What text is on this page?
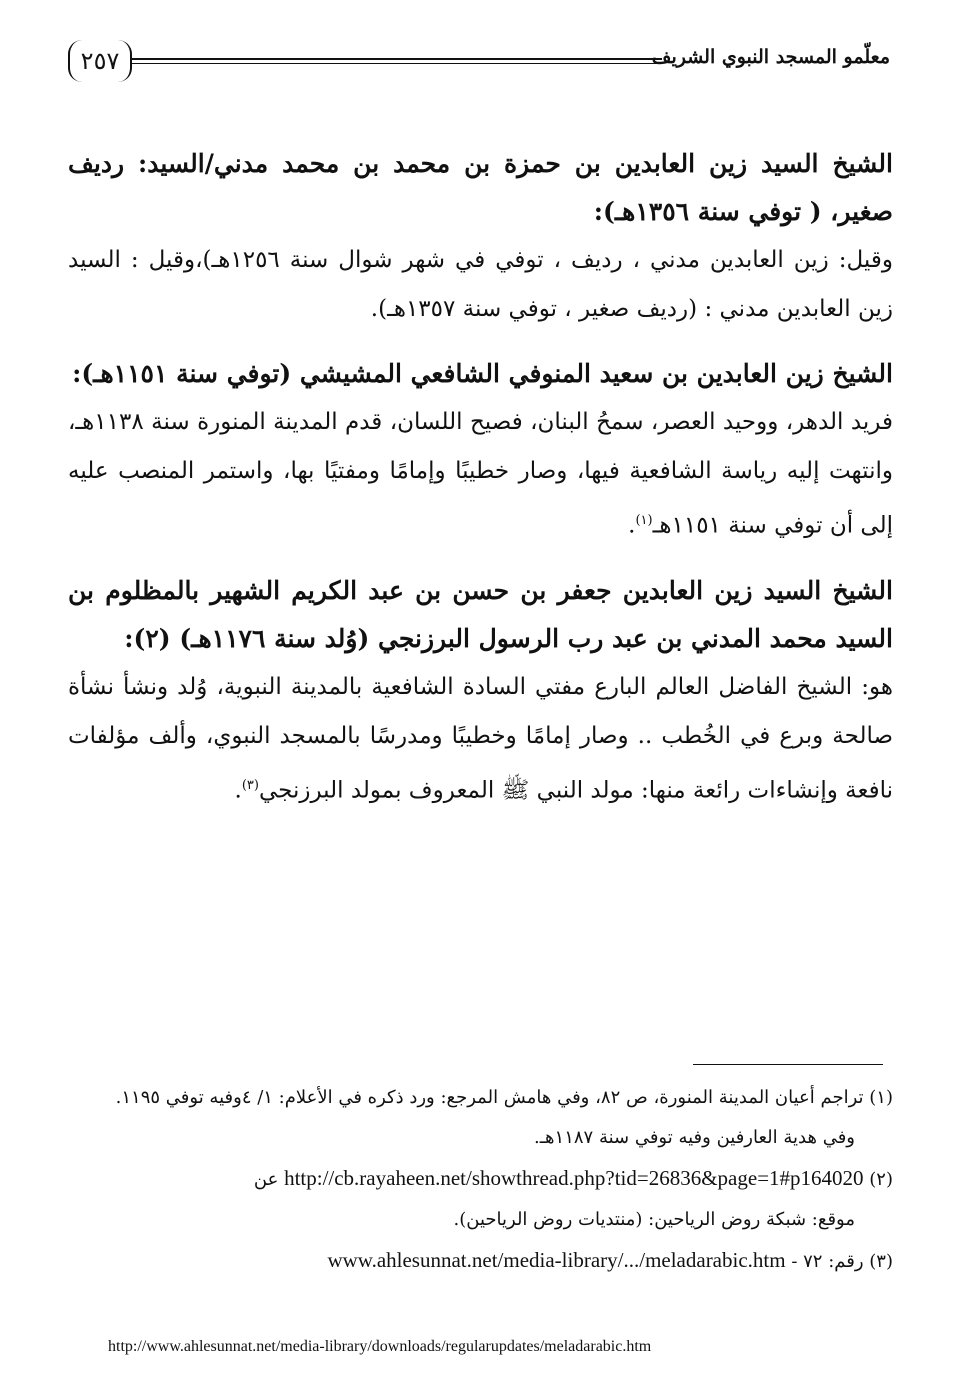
٢٥٧	معلّمو المسجد النبوي الشريف

الشيخ السيد زين العابدين بن حمزة بن محمد بن محمد مدني/السيد: رديف صغير، ( توفي سنة ١٣٥٦هـ):

وقيل: زين العابدين مدني ، رديف ، توفي في شهر شوال سنة ١٢٥٦هـ)،وقيل : السيد زين العابدين مدني : (رديف صغير ، توفي سنة ١٣٥٧هـ).

الشيخ زين العابدين بن سعيد المنوفي الشافعي المشيشي (توفي سنة ١١٥١هـ):

فريد الدهر، ووحيد العصر، سمحُ البنان، فصيح اللسان، قدم المدينة المنورة سنة ١١٣٨هـ، وانتهت إليه رياسة الشافعية فيها، وصار خطيبًا وإمامًا ومفتيًا بها، واستمر المنصب عليه إلى أن توفي سنة ١١٥١هـ$^{(١)}$.

الشيخ السيد زين العابدين جعفر بن حسن بن عبد الكريم الشهير بالمظلوم بن السيد محمد المدني بن عبد رب الرسول البرزنجي (وُلد سنة ١١٧٦هـ) (٢):

هو: الشيخ الفاضل العالم البارع مفتي السادة الشافعية بالمدينة النبوية، وُلد ونشأ نشأة صالحة وبرع في الخُطب .. وصار إمامًا وخطيبًا ومدرسًا بالمسجد النبوي، وألف مؤلفات نافعة وإنشاءات رائعة منها: مولد النبي ﷺ المعروف بمولد البرزنجي$^{(٣)}$.

(١) تراجم أعيان المدينة المنورة، ص ٨٢، وفي هامش المرجع: ورد ذكره في الأعلام: ١/ ٤وفيه توفي ١١٩٥.

وفي هدية العارفين وفيه توفي سنة ١١٨٧هـ.

(٢) http://cb.rayaheen.net/showthread.php?tid=26836&page=1#p164020 عن

موقع: شبكة روض الرياحين: (منتديات روض الرياحين).

(٣) رقم: ٧٢ - www.ahlesunnat.net/media-library/.../meladarabic.htm

http://www.ahlesunnat.net/media-library/downloads/regularupdates/meladarabic.htm
